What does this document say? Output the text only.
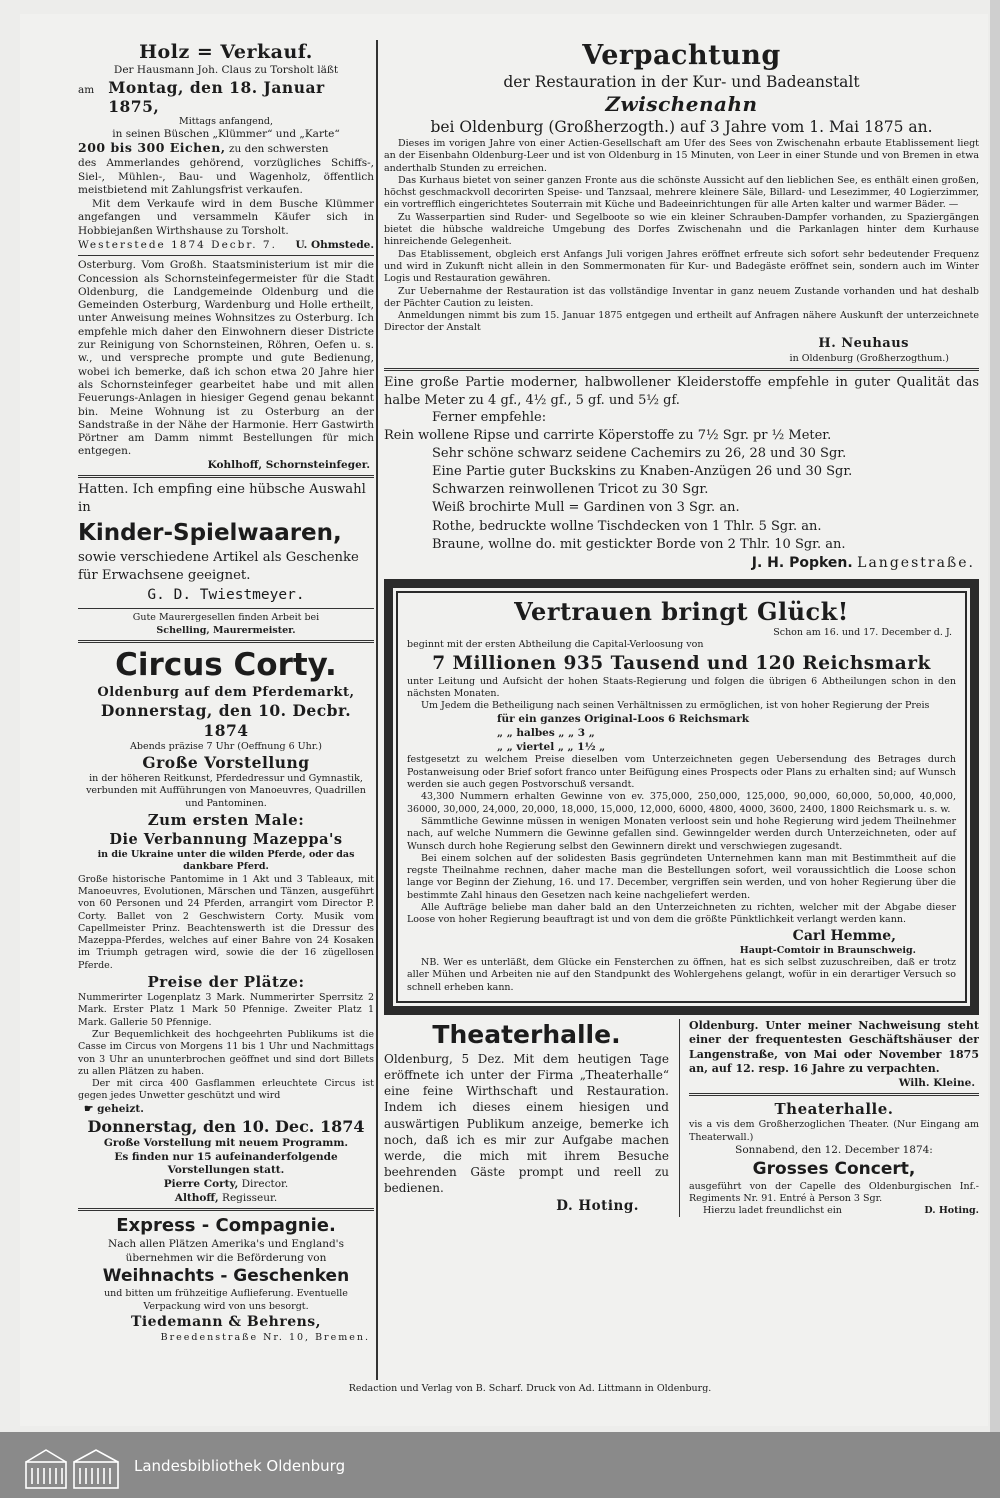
Holz = Verkauf.

Der Hausmann Joh. Claus zu Torsholt läßt

am Montag, den 18. Januar 1875,

Mittags anfangend,

in seinen Büschen „Klümmer“ und „Karte“

200 bis 300 Eichen, zu den schwersten

des Ammerlandes gehörend, vorzügliches Schiffs-, Siel-, Mühlen-, Bau- und Wagenholz, öffentlich meistbietend mit Zahlungsfrist verkaufen.

Mit dem Verkaufe wird in dem Busche Klümmer angefangen und versammeln Käufer sich in Hobbiejanßen Wirthshause zu Torsholt.

Westerstede 1874 Decbr. 7. U. Ohmstede.

Osterburg. Vom Großh. Staatsministerium ist mir die Concession als Schornsteinfegermeister für die Stadt Oldenburg, die Landgemeinde Oldenburg und die Gemeinden Osterburg, Wardenburg und Holle ertheilt, unter Anweisung meines Wohnsitzes zu Osterburg. Ich empfehle mich daher den Einwohnern dieser Districte zur Reinigung von Schornsteinen, Röhren, Oefen u. s. w., und verspreche prompte und gute Bedienung, wobei ich bemerke, daß ich schon etwa 20 Jahre hier als Schornsteinfeger gearbeitet habe und mit allen Feuerungs-Anlagen in hiesiger Gegend genau bekannt bin. Meine Wohnung ist zu Osterburg an der Sandstraße in der Nähe der Harmonie. Herr Gastwirth Pörtner am Damm nimmt Bestellungen für mich entgegen.

Kohlhoff, Schornsteinfeger.

Hatten. Ich empfing eine hübsche Auswahl in

Kinder-Spielwaaren,

sowie verschiedene Artikel als Geschenke für Erwachsene geeignet.

G. D. Twiestmeyer.

Gute Maurergesellen finden Arbeit bei

Schelling, Maurermeister.

Circus Corty.
Oldenburg auf dem Pferdemarkt,
Donnerstag, den 10. Decbr. 1874

Abends präzise 7 Uhr (Oeffnung 6 Uhr.)

Große Vorstellung

in der höheren Reitkunst, Pferdedressur und Gymnastik, verbunden mit Aufführungen von Manoeuvres, Quadrillen und Pantominen.

Zum ersten Male:
Die Verbannung Mazeppa's

in die Ukraine unter die wilden Pferde, oder das dankbare Pferd.

Große historische Pantomime in 1 Akt und 3 Tableaux, mit Manoeuvres, Evolutionen, Märschen und Tänzen, ausgeführt von 60 Personen und 24 Pferden, arrangirt vom Director P. Corty. Ballet von 2 Geschwistern Corty. Musik vom Capellmeister Prinz. Beachtenswerth ist die Dressur des Mazeppa-Pferdes, welches auf einer Bahre von 24 Kosaken im Triumph getragen wird, sowie die der 16 zügellosen Pferde.

Preise der Plätze:

Nummerirter Logenplatz 3 Mark. Nummerirter Sperrsitz 2 Mark. Erster Platz 1 Mark 50 Pfennige. Zweiter Platz 1 Mark. Gallerie 50 Pfennige.

Zur Bequemlichkeit des hochgeehrten Publikums ist die Casse im Circus von Morgens 11 bis 1 Uhr und Nachmittags von 3 Uhr an ununterbrochen geöffnet und sind dort Billets zu allen Plätzen zu haben.

Der mit circa 400 Gasflammen erleuchtete Circus ist gegen jedes Unwetter geschützt und wird

☛ geheizt.

Donnerstag, den 10. Dec. 1874

Große Vorstellung mit neuem Programm.

Es finden nur 15 aufeinanderfolgende Vorstellungen statt.

Pierre Corty, Director.
Althoff, Regisseur.
Express - Compagnie.

Nach allen Plätzen Amerika's und England's übernehmen wir die Beförderung von

Weihnachts - Geschenken

und bitten um frühzeitige Auflieferung. Eventuelle Verpackung wird von uns besorgt.

Tiedemann & Behrens,

Breedenstraße Nr. 10, Bremen.

Verpachtung
der Restauration in der Kur- und Badeanstalt
Zwischenahn
bei Oldenburg (Großherzogth.) auf 3 Jahre vom 1. Mai 1875 an.

Dieses im vorigen Jahre von einer Actien-Gesellschaft am Ufer des Sees von Zwischenahn erbaute Etablissement liegt an der Eisenbahn Oldenburg-Leer und ist von Oldenburg in 15 Minuten, von Leer in einer Stunde und von Bremen in etwa anderthalb Stunden zu erreichen.

Das Kurhaus bietet von seiner ganzen Fronte aus die schönste Aussicht auf den lieblichen See, es enthält einen großen, höchst geschmackvoll decorirten Speise- und Tanzsaal, mehrere kleinere Säle, Billard- und Lesezimmer, 40 Logierzimmer, ein vortrefflich eingerichtetes Souterrain mit Küche und Badeeinrichtungen für alle Arten kalter und warmer Bäder. —

Zu Wasserpartien sind Ruder- und Segelboote so wie ein kleiner Schrauben-Dampfer vorhanden, zu Spaziergängen bietet die hübsche waldreiche Umgebung des Dorfes Zwischenahn und die Parkanlagen hinter dem Kurhause hinreichende Gelegenheit.

Das Etablissement, obgleich erst Anfangs Juli vorigen Jahres eröffnet erfreute sich sofort sehr bedeutender Frequenz und wird in Zukunft nicht allein in den Sommermonaten für Kur- und Badegäste eröffnet sein, sondern auch im Winter Logis und Restauration gewähren.

Zur Uebernahme der Restauration ist das vollständige Inventar in ganz neuem Zustande vorhanden und hat deshalb der Pächter Caution zu leisten.

Anmeldungen nimmt bis zum 15. Januar 1875 entgegen und ertheilt auf Anfragen nähere Auskunft der unterzeichnete Director der Anstalt

H. Neuhaus

in Oldenburg (Großherzogthum.)

Eine große Partie moderner, halbwollener Kleiderstoffe empfehle in guter Qualität das halbe Meter zu 4 gf., 4½ gf., 5 gf. und 5½ gf.

Ferner empfehle:

Rein wollene Ripse und carrirte Köperstoffe zu 7½ Sgr. pr ½ Meter.

Sehr schöne schwarz seidene Cachemirs zu 26, 28 und 30 Sgr.

Eine Partie guter Buckskins zu Knaben-Anzügen 26 und 30 Sgr.

Schwarzen reinwollenen Tricot zu 30 Sgr.

Weiß brochirte Mull = Gardinen von 3 Sgr. an.

Rothe, bedruckte wollne Tischdecken von 1 Thlr. 5 Sgr. an.

Braune, wollne do. mit gestickter Borde von 2 Thlr. 10 Sgr. an.

J. H. Popken. Langestraße.
Vertrauen bringt Glück!

Schon am 16. und 17. December d. J.

beginnt mit der ersten Abtheilung die Capital-Verloosung von

7 Millionen 935 Tausend und 120 Reichsmark

unter Leitung und Aufsicht der hohen Staats-Regierung und folgen die übrigen 6 Abtheilungen schon in den nächsten Monaten.

Um Jedem die Betheiligung nach seinen Verhältnissen zu ermöglichen, ist von hoher Regierung der Preis

für ein ganzes Original-Loos 6 Reichsmark

„ „ halbes „ „ 3 „

„ „ viertel „ „ 1½ „

festgesetzt zu welchem Preise dieselben vom Unterzeichneten gegen Uebersendung des Betrages durch Postanweisung oder Brief sofort franco unter Beifügung eines Prospects oder Plans zu erhalten sind; auf Wunsch werden sie auch gegen Postvorschuß versandt.

43,300 Nummern erhalten Gewinne von ev. 375,000, 250,000, 125,000, 90,000, 60,000, 50,000, 40,000, 36000, 30,000, 24,000, 20,000, 18,000, 15,000, 12,000, 6000, 4800, 4000, 3600, 2400, 1800 Reichsmark u. s. w.

Sämmtliche Gewinne müssen in wenigen Monaten verloost sein und hohe Regierung wird jedem Theilnehmer nach, auf welche Nummern die Gewinne gefallen sind. Gewinngelder werden durch Unterzeichneten, oder auf Wunsch durch hohe Regierung selbst den Gewinnern direkt und verschwiegen zugesandt.

Bei einem solchen auf der solidesten Basis gegründeten Unternehmen kann man mit Bestimmtheit auf die regste Theilnahme rechnen, daher mache man die Bestellungen sofort, weil voraussichtlich die Loose schon lange vor Beginn der Ziehung, 16. und 17. December, vergriffen sein werden, und von hoher Regierung über die bestimmte Zahl hinaus den Gesetzen nach keine nachgeliefert werden.

Alle Aufträge beliebe man daher bald an den Unterzeichneten zu richten, welcher mit der Abgabe dieser Loose von hoher Regierung beauftragt ist und von dem die größte Pünktlichkeit verlangt werden kann.

Carl Hemme,

Haupt-Comtoir in Braunschweig.

NB. Wer es unterläßt, dem Glücke ein Fensterchen zu öffnen, hat es sich selbst zuzuschreiben, daß er trotz aller Mühen und Arbeiten nie auf den Standpunkt des Wohlergehens gelangt, wofür in ein derartiger Versuch so schnell erheben kann.

Theaterhalle.

Oldenburg, 5 Dez. Mit dem heutigen Tage eröffnete ich unter der Firma „Theaterhalle“ eine feine Wirthschaft und Restauration. Indem ich dieses einem hiesigen und auswärtigen Publikum anzeige, bemerke ich noch, daß ich es mir zur Aufgabe machen werde, die mich mit ihrem Besuche beehrenden Gäste prompt und reell zu bedienen.

D. Hoting.

Oldenburg. Unter meiner Nachweisung steht einer der frequentesten Geschäftshäuser der Langenstraße, von Mai oder November 1875 an, auf 12. resp. 16 Jahre zu verpachten.

Wilh. Kleine.

Theaterhalle.

vis a vis dem Großherzoglichen Theater. (Nur Eingang am Theaterwall.)

Sonnabend, den 12. December 1874:

Grosses Concert,

ausgeführt von der Capelle des Oldenburgischen Inf.-Regiments Nr. 91. Entré à Person 3 Sgr.

Hierzu ladet freundlichst ein	D. Hoting.
Redaction und Verlag von B. Scharf. Druck von Ad. Littmann in Oldenburg.
Landesbibliothek Oldenburg
